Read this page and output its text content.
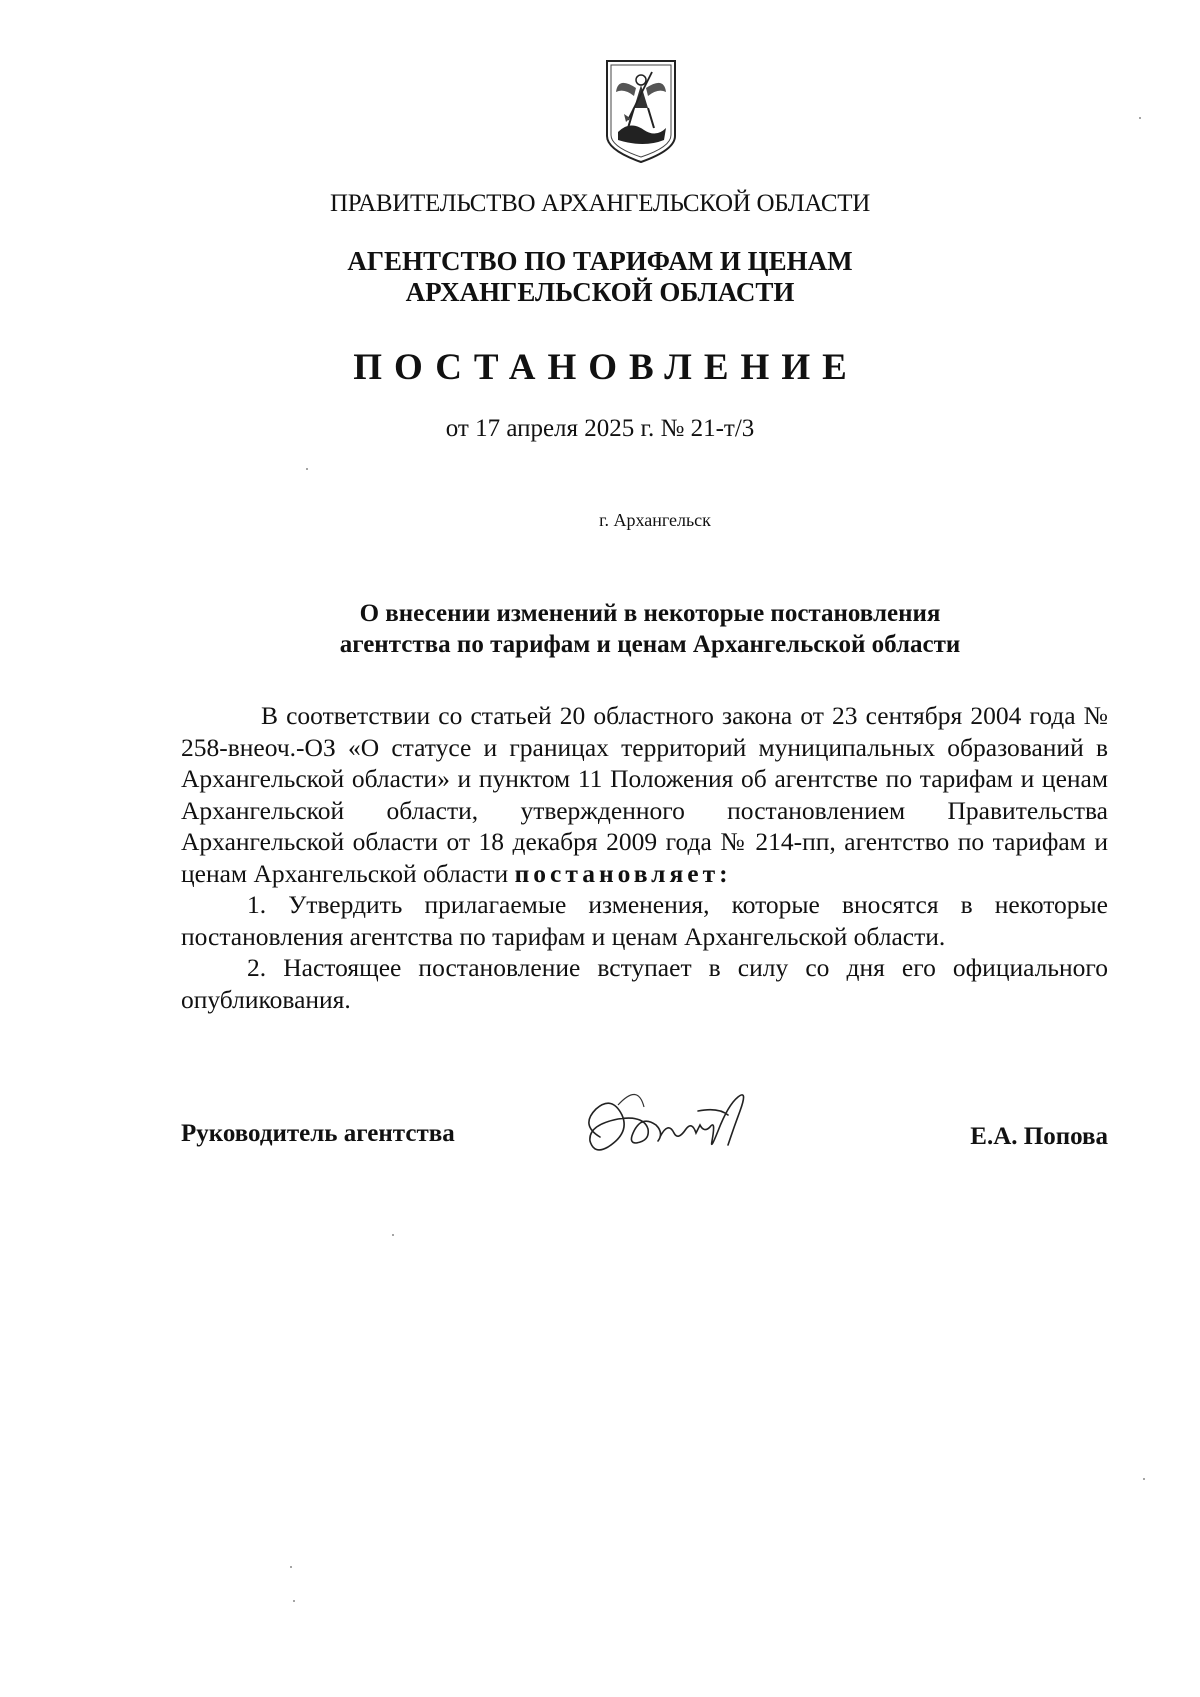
ПРАВИТЕЛЬСТВО АРХАНГЕЛЬСКОЙ ОБЛАСТИ
АГЕНТСТВО ПО ТАРИФАМ И ЦЕНАМ
АРХАНГЕЛЬСКОЙ ОБЛАСТИ
ПОСТАНОВЛЕНИЕ
от 17 апреля 2025 г. № 21-т/3
г. Архангельск
О внесении изменений в некоторые постановления
агентства по тарифам и ценам Архангельской области

В соответствии со статьей 20 областного закона от 23 сентября 2004 года № 258-внеоч.-ОЗ «О статусе и границах территорий муниципальных образований в Архангельской области» и пунктом 11 Положения об агентстве по тарифам и ценам Архангельской области, утвержденного постановлением Правительства Архангельской области от 18 декабря 2009 года № 214-пп, агентство по тарифам и ценам Архангельской области постановляет:

1. Утвердить прилагаемые изменения, которые вносятся в некоторые постановления агентства по тарифам и ценам Архангельской области.

2. Настоящее постановление вступает в силу со дня его официального опубликования.

Руководитель агентства	Е.А. Попова
